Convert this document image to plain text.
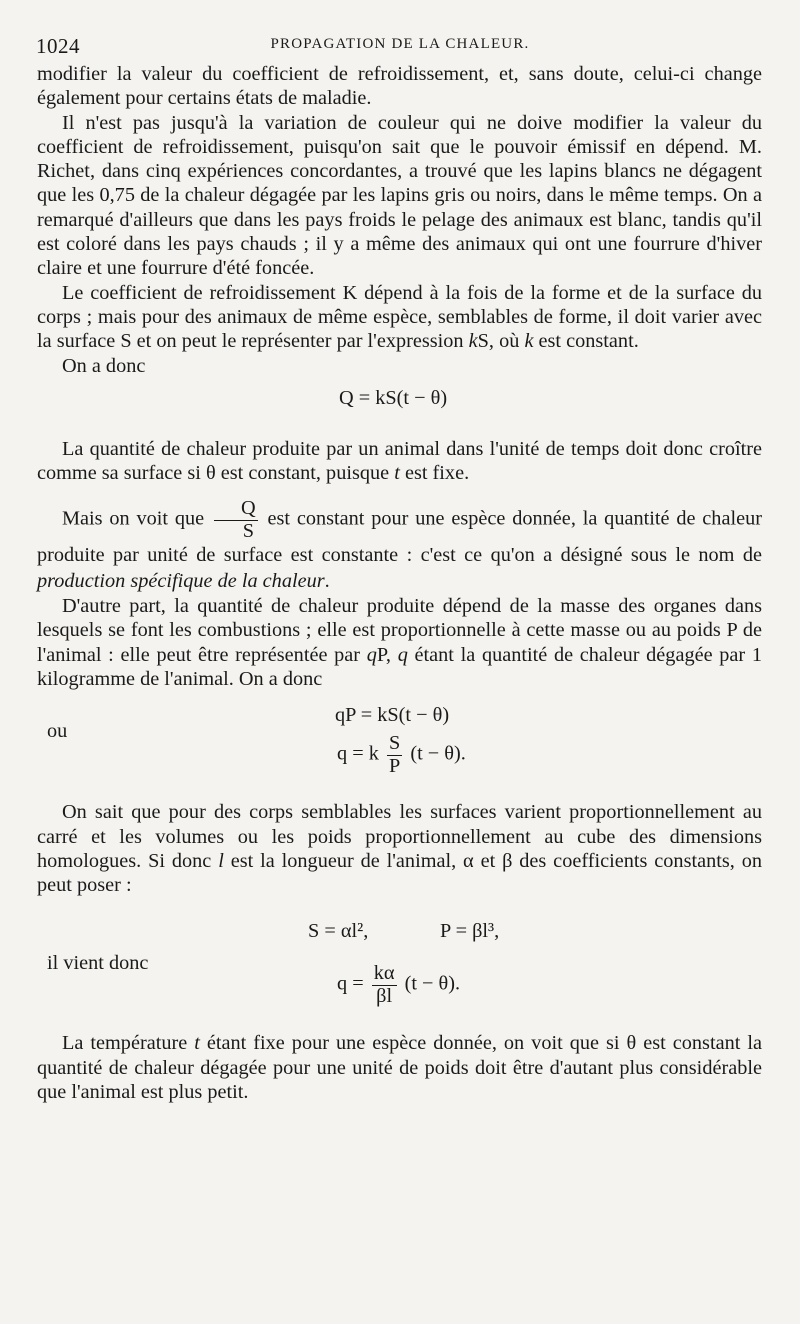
1024	PROPAGATION DE LA CHALEUR.

modifier la valeur du coefficient de refroidissement, et, sans doute, celui-ci change également pour certains états de maladie.

Il n'est pas jusqu'à la variation de couleur qui ne doive modifier la valeur du coefficient de refroidissement, puisqu'on sait que le pouvoir émissif en dépend. M. Richet, dans cinq expériences concordantes, a trouvé que les lapins blancs ne dégagent que les 0,75 de la chaleur dégagée par les lapins gris ou noirs, dans le même temps. On a remarqué d'ailleurs que dans les pays froids le pelage des animaux est blanc, tandis qu'il est coloré dans les pays chauds ; il y a même des animaux qui ont une fourrure d'hiver claire et une fourrure d'été foncée.

Le coefficient de refroidissement K dépend à la fois de la forme et de la surface du corps ; mais pour des animaux de même espèce, semblables de forme, il doit varier avec la surface S et on peut le représenter par l'expression kS, où k est constant.

On a donc

Q = kS(t − θ)

La quantité de chaleur produite par un animal dans l'unité de temps doit donc croître comme sa surface si θ est constant, puisque t est fixe.

Mais on voit que $\frac{Q}{S}$ est constant pour une espèce donnée, la quantité de chaleur produite par unité de surface est constante : c'est ce qu'on a désigné sous le nom de production spécifique de la chaleur.

D'autre part, la quantité de chaleur produite dépend de la masse des organes dans lesquels se font les combustions ; elle est proportionnelle à cette masse ou au poids P de l'animal : elle peut être représentée par qP, q étant la quantité de chaleur dégagée par 1 kilogramme de l'animal. On a donc

qP = kS(t − θ)
ou
q = k $\frac{S}{P} (t - \theta)$.

On sait que pour des corps semblables les surfaces varient proportionnellement au carré et les volumes ou les poids proportionnellement au cube des dimensions homologues. Si donc l est la longueur de l'animal, α et β des coefficients constants, on peut poser :

S = αl²,	P = βl³,
il vient donc
$q = \frac{k\alpha}{\beta l} (t - \theta)$.

La température t étant fixe pour une espèce donnée, on voit que si θ est constant la quantité de chaleur dégagée pour une unité de poids doit être d'autant plus considérable que l'animal est plus petit.
